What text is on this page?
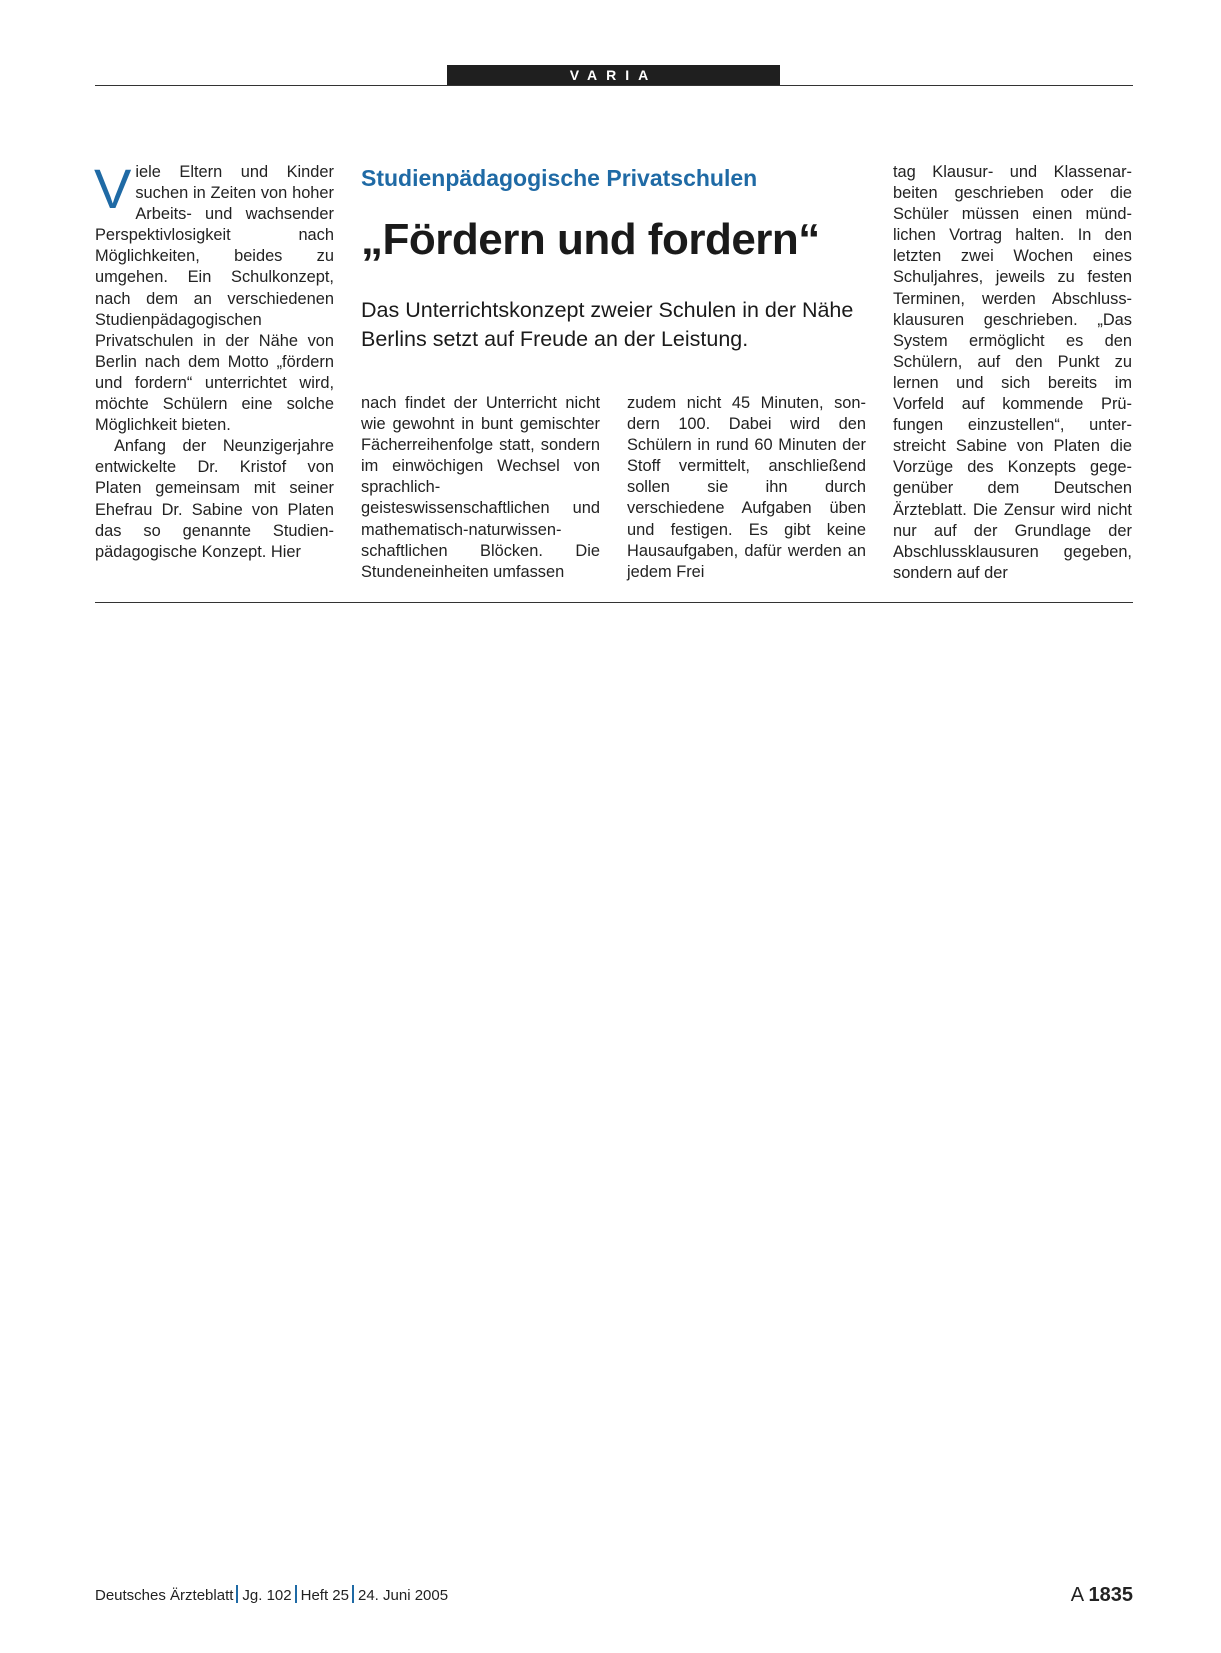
VARIA

Viele Eltern und Kinder suchen in Zeiten von hoher Arbeits- und wachsender Perspektivlosigkeit nach Möglichkeiten, beides zu umgehen. Ein Schulkonzept, nach dem an verschiedenen Studienpädagogischen Privatschulen in der Nähe von Berlin nach dem Motto „fördern und fordern“ unterrichtet wird, möchte Schülern eine solche Möglichkeit bieten.

Anfang der Neunzigerjahre entwickelte Dr. Kristof von Platen gemeinsam mit seiner Ehefrau Dr. Sabine von Platen das so genannte Studienpädagogische Konzept. Hier

Studienpädagogische Privatschulen
„Fördern und fordern“

Das Unterrichtskonzept zweier Schulen in der Nähe Berlins setzt auf Freude an der Leistung.

nach findet der Unterricht nicht wie gewohnt in bunt gemischter Fächerreihenfolge statt, sondern im einwöchigen Wechsel von sprachlich-geisteswissenschaftlichen und mathematisch-naturwissenschaftlichen Blöcken. Die Stundeneinheiten umfassen

zudem nicht 45 Minuten, sondern 100. Dabei wird den Schülern in rund 60 Minuten der Stoff vermittelt, anschließend sollen sie ihn durch verschiedene Aufgaben üben und festigen. Es gibt keine Hausaufgaben, dafür werden an jedem Frei

tag Klausur- und Klassenarbeiten geschrieben oder die Schüler müssen einen mündlichen Vortrag halten. In den letzten zwei Wochen eines Schuljahres, jeweils zu festen Terminen, werden Abschlussklausuren geschrieben. „Das System ermöglicht es den Schülern, auf den Punkt zu lernen und sich bereits im Vorfeld auf kommende Prüfungen einzustellen“, unterstreicht Sabine von Platen die Vorzüge des Konzepts gegegenüber dem Deutschen Ärzteblatt. Die Zensur wird nicht nur auf der Grundlage der Abschlussklausuren gegeben, sondern auf der

Deutsches Ärzteblatt Jg. 102 Heft 25 24. Juni 2005	A 1835
